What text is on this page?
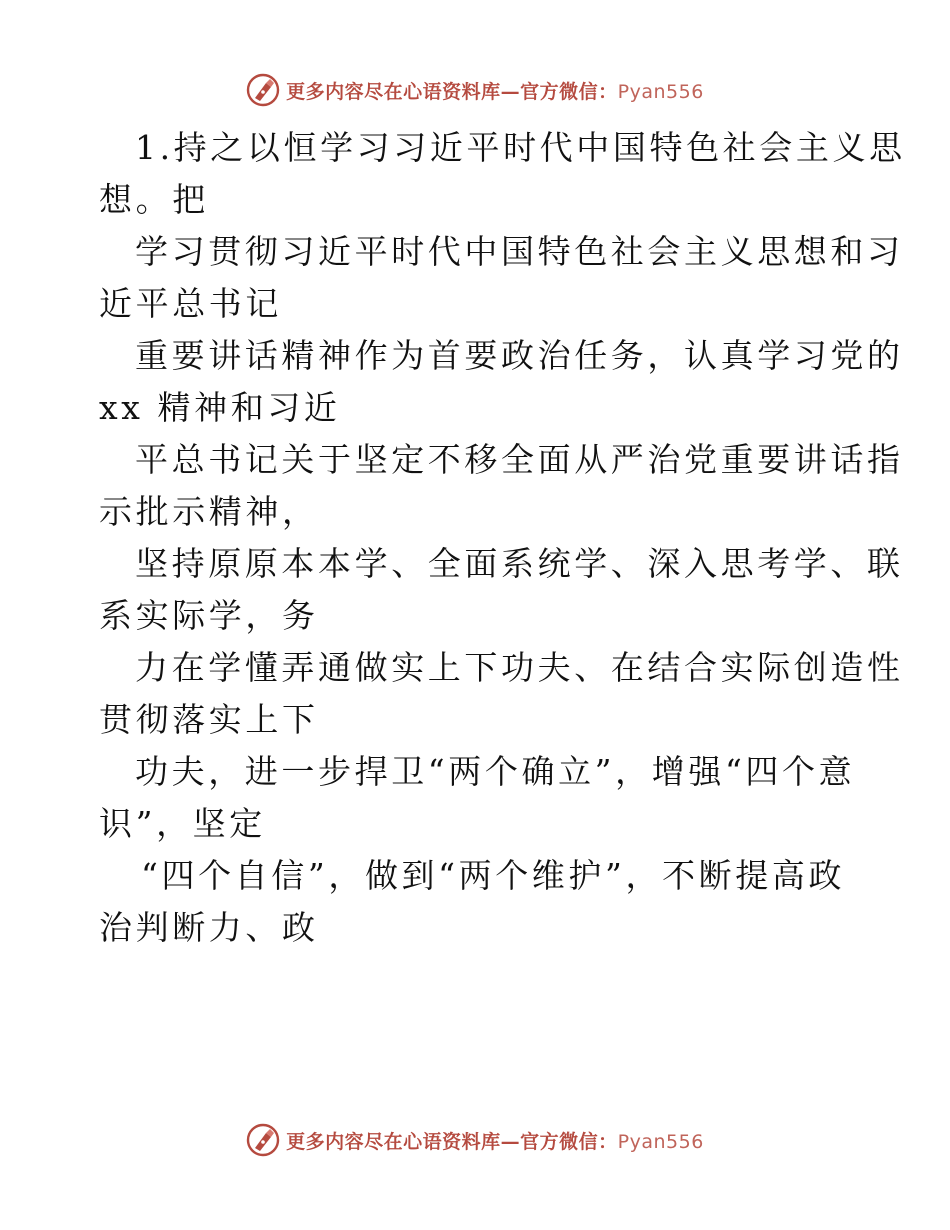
更多内容尽在心语资料库—官方微信：Pyan556

1.持之以恒学习习近平时代中国特色社会主义思

想。把

学习贯彻习近平时代中国特色社会主义思想和习

近平总书记

重要讲话精神作为首要政治任务，认真学习党的

xx 精神和习近

平总书记关于坚定不移全面从严治党重要讲话指

示批示精神，

坚持原原本本学、全面系统学、深入思考学、联

系实际学，务

力在学懂弄通做实上下功夫、在结合实际创造性

贯彻落实上下

功夫，进一步捍卫“两个确立”，增强“四个意

识”，坚定

“四个自信”，做到“两个维护”，不断提高政

治判断力、政

更多内容尽在心语资料库—官方微信：Pyan556
